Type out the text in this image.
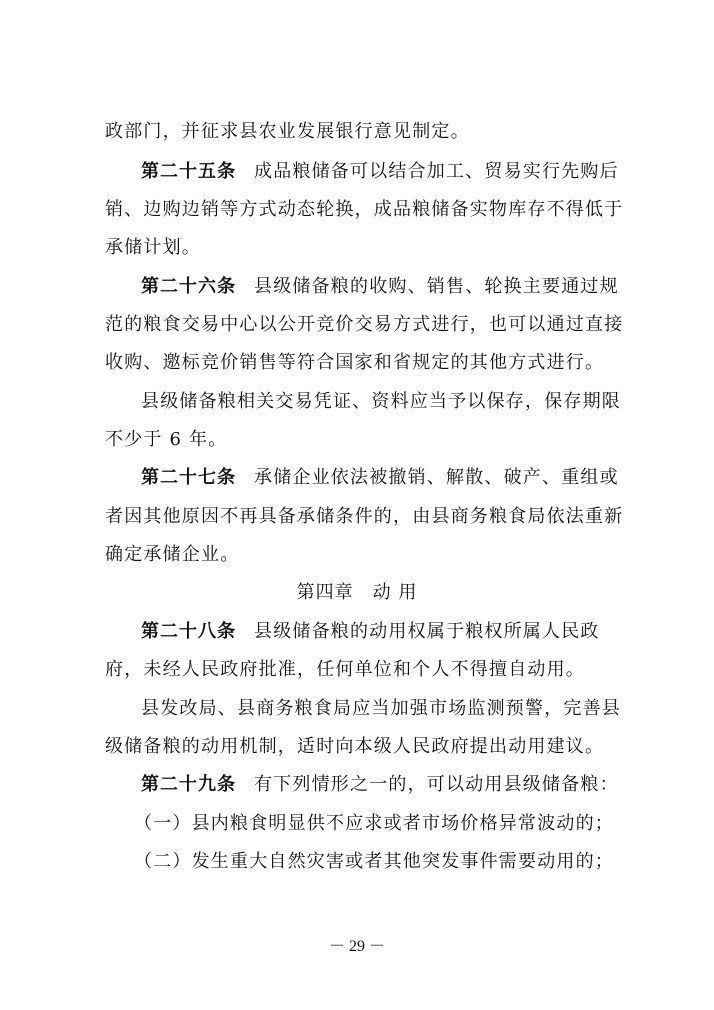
政部门，并征求县农业发展银行意见制定。
第二十五条 成品粮储备可以结合加工、贸易实行先购后
销、边购边销等方式动态轮换，成品粮储备实物库存不得低于
承储计划。
第二十六条 县级储备粮的收购、销售、轮换主要通过规
范的粮食交易中心以公开竞价交易方式进行，也可以通过直接
收购、邀标竞价销售等符合国家和省规定的其他方式进行。
县级储备粮相关交易凭证、资料应当予以保存，保存期限
不少于 6 年。
第二十七条 承储企业依法被撤销、解散、破产、重组或
者因其他原因不再具备承储条件的，由县商务粮食局依法重新
确定承储企业。
第四章　动 用
第二十八条 县级储备粮的动用权属于粮权所属人民政
府，未经人民政府批准，任何单位和个人不得擅自动用。
县发改局、县商务粮食局应当加强市场监测预警，完善县
级储备粮的动用机制，适时向本级人民政府提出动用建议。
第二十九条 有下列情形之一的，可以动用县级储备粮：
（一）县内粮食明显供不应求或者市场价格异常波动的；
（二）发生重大自然灾害或者其他突发事件需要动用的；
－ 29 －
